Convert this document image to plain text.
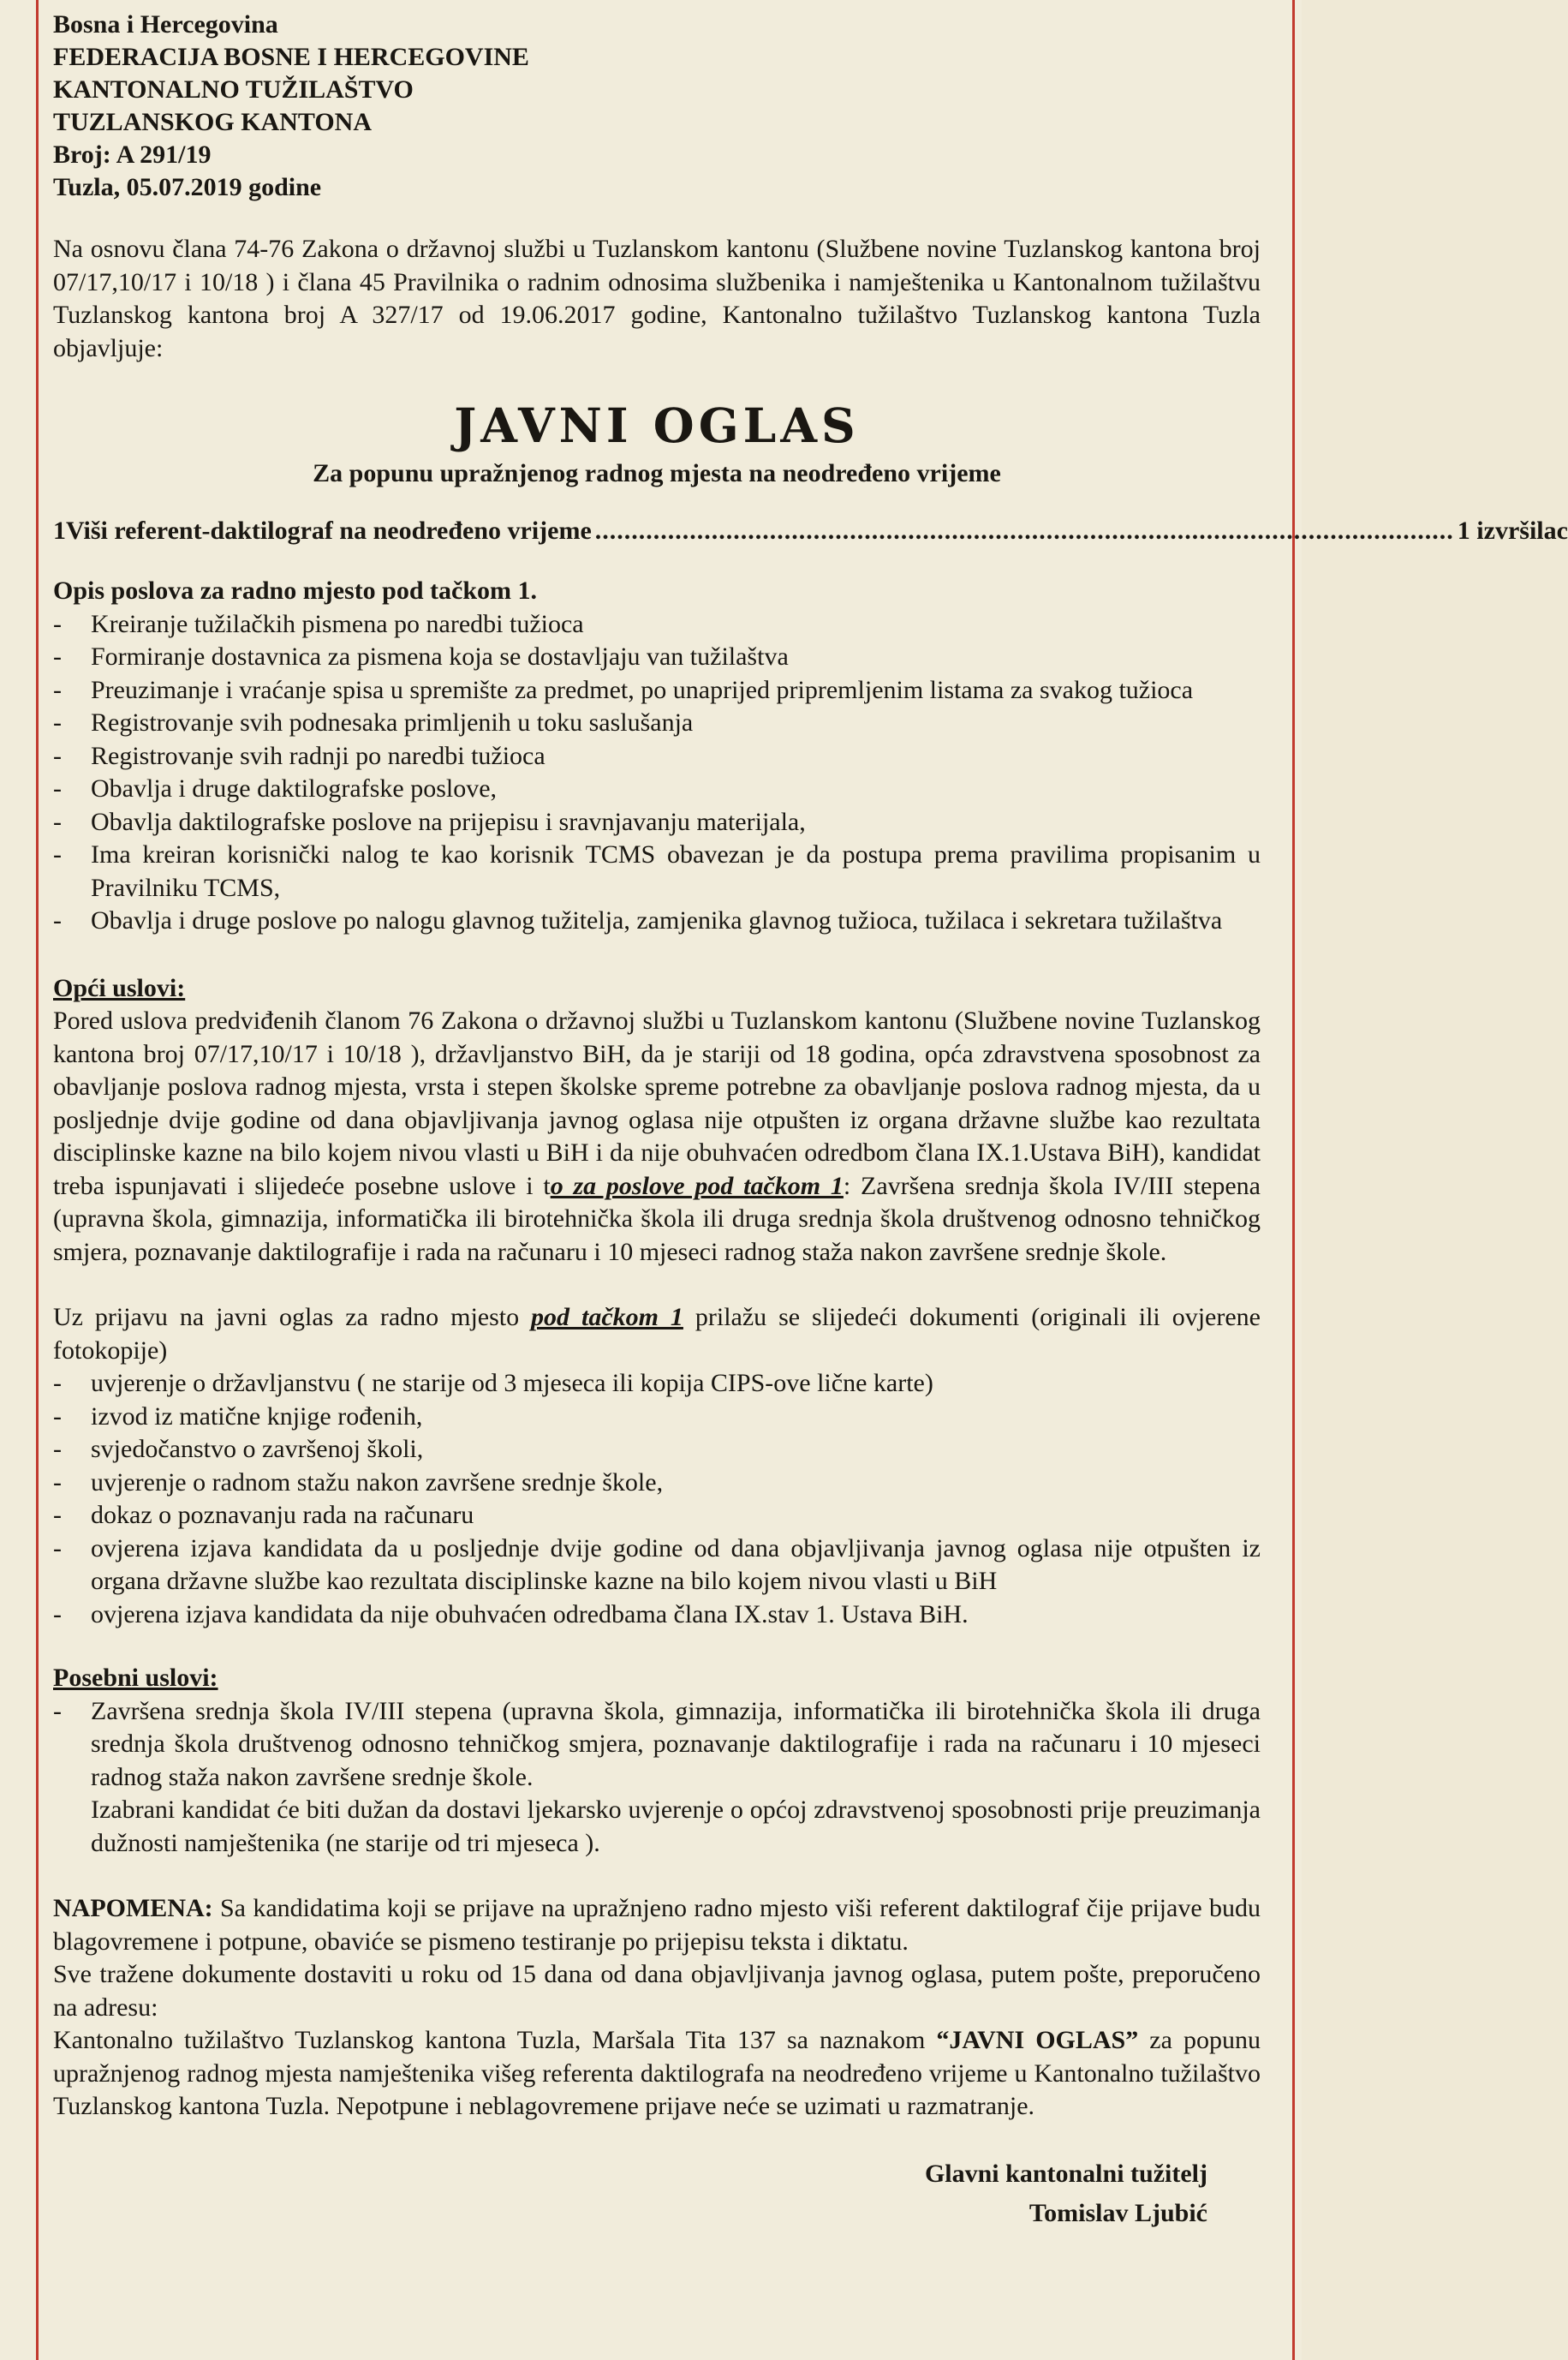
Bosna i Hercegovina
FEDERACIJA BOSNE I HERCEGOVINE
KANTONALNO TUŽILAŠTVO
TUZLANSKOG KANTONA
Broj: A 291/19
Tuzla, 05.07.2019 godine

Na osnovu člana 74-76 Zakona o državnoj službi u Tuzlanskom kantonu (Službene novine Tuzlanskog kantona broj 07/17,10/17 i 10/18 ) i člana 45 Pravilnika o radnim odnosima službenika i namještenika u Kantonalnom tužilaštvu Tuzlanskog kantona broj A 327/17 od 19.06.2017 godine, Kantonalno tužilaštvo Tuzlanskog kantona Tuzla objavljuje:

JAVNI OGLAS
Za popunu upražnjenog radnog mjesta na neodređeno vrijeme
1 Viši referent-daktilograf na neodređeno vrijeme ...................................................................................................................... 1 izvršilac
Opis poslova za radno mjesto pod tačkom 1.
-	Kreiranje tužilačkih pismena po naredbi tužioca
-	Formiranje dostavnica za pismena koja se dostavljaju van tužilaštva
-	Preuzimanje i vraćanje spisa u spremište za predmet, po unaprijed pripremljenim listama za svakog tužioca
-	Registrovanje svih podnesaka primljenih u toku saslušanja
-	Registrovanje svih radnji po naredbi tužioca
-	Obavlja i druge daktilografske poslove,
-	Obavlja daktilografske poslove na prijepisu i sravnjavanju materijala,
-	Ima kreiran korisnički nalog te kao korisnik TCMS obavezan je da postupa prema pravilima propisanim u Pravilniku TCMS,
-	Obavlja i druge poslove po nalogu glavnog tužitelja, zamjenika glavnog tužioca, tužilaca i sekretara tužilaštva
Opći uslovi:

Pored uslova predviđenih članom 76 Zakona o državnoj službi u Tuzlanskom kantonu (Službene novine Tuzlanskog kantona broj 07/17,10/17 i 10/18 ), državljanstvo BiH, da je stariji od 18 godina, opća zdravstvena sposobnost za obavljanje poslova radnog mjesta, vrsta i stepen školske spreme potrebne za obavljanje poslova radnog mjesta, da u posljednje dvije godine od dana objavljivanja javnog oglasa nije otpušten iz organa državne službe kao rezultata disciplinske kazne na bilo kojem nivou vlasti u BiH i da nije obuhvaćen odredbom člana IX.1.Ustava BiH), kandidat treba ispunjavati i slijedeće posebne uslove i to za poslove pod tačkom 1: Završena srednja škola IV/III stepena (upravna škola, gimnazija, informatička ili birotehnička škola ili druga srednja škola društvenog odnosno tehničkog smjera, poznavanje daktilografije i rada na računaru i 10 mjeseci radnog staža nakon završene srednje škole.

Uz prijavu na javni oglas za radno mjesto pod tačkom 1 prilažu se slijedeći dokumenti (originali ili ovjerene fotokopije)

-	uvjerenje o državljanstvu ( ne starije od 3 mjeseca ili kopija CIPS-ove lične karte)
-	izvod iz matične knjige rođenih,
-	svjedočanstvo o završenoj školi,
-	uvjerenje o radnom stažu nakon završene srednje škole,
-	dokaz o poznavanju rada na računaru
-	ovjerena izjava kandidata da u posljednje dvije godine od dana objavljivanja javnog oglasa nije otpušten iz organa državne službe kao rezultata disciplinske kazne na bilo kojem nivou vlasti u BiH
-	ovjerena izjava kandidata da nije obuhvaćen odredbama člana IX.stav 1. Ustava BiH.
Posebni uslovi:
-	Završena srednja škola IV/III stepena (upravna škola, gimnazija, informatička ili birotehnička škola ili druga srednja škola društvenog odnosno tehničkog smjera, poznavanje daktilografije i rada na računaru i 10 mjeseci radnog staža nakon završene srednje škole.
Izabrani kandidat će biti dužan da dostavi ljekarsko uvjerenje o općoj zdravstvenoj sposobnosti prije preuzimanja dužnosti namještenika (ne starije od tri mjeseca ).

NAPOMENA: Sa kandidatima koji se prijave na upražnjeno radno mjesto viši referent daktilograf čije prijave budu blagovremene i potpune, obaviće se pismeno testiranje po prijepisu teksta i diktatu.

Sve tražene dokumente dostaviti u roku od 15 dana od dana objavljivanja javnog oglasa, putem pošte, preporučeno na adresu:

Kantonalno tužilaštvo Tuzlanskog kantona Tuzla, Maršala Tita 137 sa naznakom “JAVNI OGLAS” za popunu upražnjenog radnog mjesta namještenika višeg referenta daktilografa na neodređeno vrijeme u Kantonalno tužilaštvo Tuzlanskog kantona Tuzla. Nepotpune i neblagovremene prijave neće se uzimati u razmatranje.

Glavni kantonalni tužitelj
Tomislav Ljubić
